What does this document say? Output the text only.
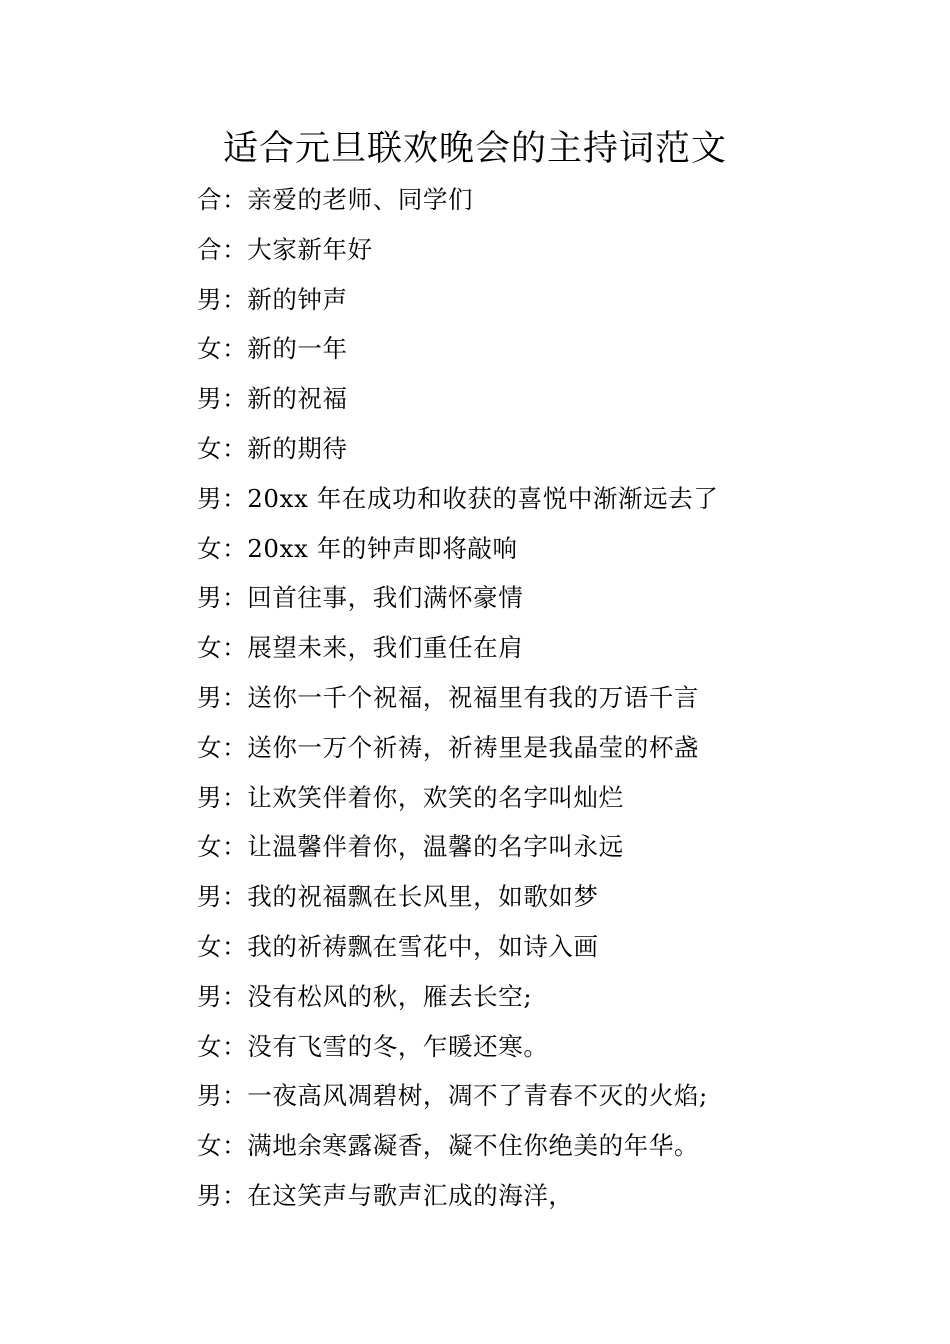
适合元旦联欢晚会的主持词范文
合：亲爱的老师、同学们
合：大家新年好
男：新的钟声
女：新的一年
男：新的祝福
女：新的期待
男：20xx 年在成功和收获的喜悦中渐渐远去了
女：20xx 年的钟声即将敲响
男：回首往事，我们满怀豪情
女：展望未来，我们重任在肩
男：送你一千个祝福，祝福里有我的万语千言
女：送你一万个祈祷，祈祷里是我晶莹的杯盏
男：让欢笑伴着你，欢笑的名字叫灿烂
女：让温馨伴着你，温馨的名字叫永远
男：我的祝福飘在长风里，如歌如梦
女：我的祈祷飘在雪花中，如诗入画
男：没有松风的秋，雁去长空;
女：没有飞雪的冬，乍暖还寒。
男：一夜高风凋碧树，凋不了青春不灭的火焰;
女：满地余寒露凝香，凝不住你绝美的年华。
男：在这笑声与歌声汇成的海洋，
